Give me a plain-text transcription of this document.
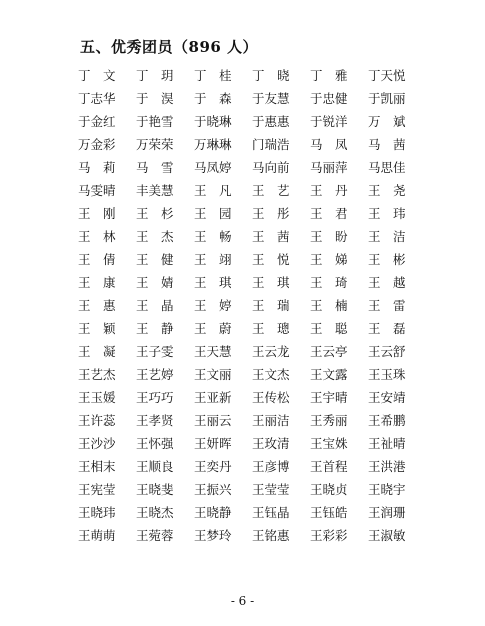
五、优秀团员（896 人）
丁　文	丁　玥	丁　桂	丁　晓	丁　雅	丁天悦
丁志华	于　淏	于　森	于友慧	于忠健	于凯丽
于金红	于艳雪	于晓琳	于惠惠	于锐洋	万　斌
万金彩	万荣荣	万琳琳	门瑞浩	马　凤	马　茜
马　莉	马　雪	马凤婷	马向前	马丽萍	马思佳
马雯晴	丰美慧	王　凡	王　艺	王　丹	王　尧
王　刚	王　杉	王　园	王　彤	王　君	王　玮
王　林	王　杰	王　畅	王　茜	王　盼	王　洁
王　倩	王　健	王　翊	王　悦	王　娣	王　彬
王　康	王　婧	王　琪	王　琪	王　琦	王　越
王　惠	王　晶	王　婷	王　瑞	王　楠	王　雷
王　颖	王　静	王　蔚	王　璁	王　聪	王　磊
王　凝	王子雯	王天慧	王云龙	王云亭	王云舒
王艺杰	王艺婷	王文丽	王文杰	王文露	王玉珠
王玉媛	王巧巧	王亚新	王传松	王宇晴	王安靖
王许蕊	王孝贤	王丽云	王丽洁	王秀丽	王希鹏
王沙沙	王怀强	王妍晖	王玫清	王宝姝	王祉晴
王相末	王顺良	王奕丹	王彦博	王首程	王洪港
王宪莹	王晓斐	王振兴	王莹莹	王晓贞	王晓宇
王晓玮	王晓杰	王晓静	王钰晶	王钰皓	王润珊
王萌萌	王菀蓉	王梦玲	王铭惠	王彩彩	王淑敏
- 6 -
